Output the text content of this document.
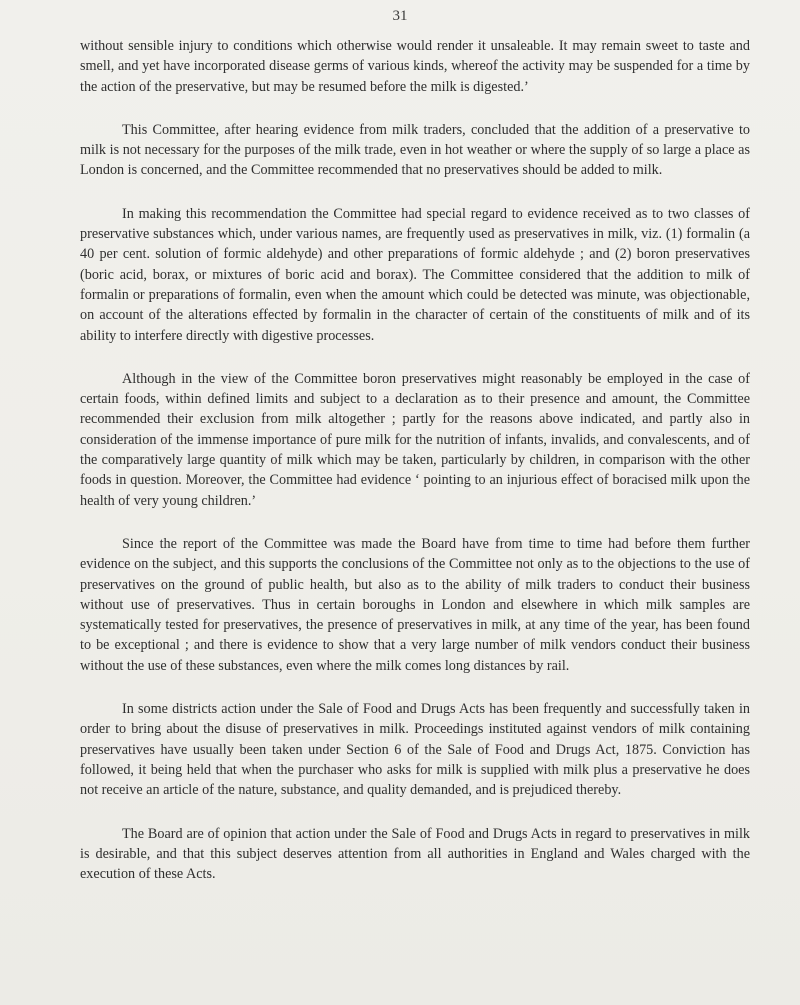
31

without sensible injury to conditions which otherwise would render it unsaleable. It may remain sweet to taste and smell, and yet have incorporated disease germs of various kinds, whereof the activity may be suspended for a time by the action of the preservative, but may be resumed before the milk is digested.’

This Committee, after hearing evidence from milk traders, concluded that the addition of a preservative to milk is not necessary for the purposes of the milk trade, even in hot weather or where the supply of so large a place as London is concerned, and the Committee recommended that no preservatives should be added to milk.

In making this recommendation the Committee had special regard to evidence received as to two classes of preservative substances which, under various names, are frequently used as preservatives in milk, viz. (1) formalin (a 40 per cent. solution of formic aldehyde) and other preparations of formic aldehyde ; and (2) boron preservatives (boric acid, borax, or mixtures of boric acid and borax). The Committee considered that the addition to milk of formalin or preparations of formalin, even when the amount which could be detected was minute, was objectionable, on account of the alterations effected by formalin in the character of certain of the constituents of milk and of its ability to interfere directly with digestive processes.

Although in the view of the Committee boron preservatives might reasonably be employed in the case of certain foods, within defined limits and subject to a declaration as to their presence and amount, the Committee recommended their exclusion from milk altogether ; partly for the reasons above indicated, and partly also in consideration of the immense importance of pure milk for the nutrition of infants, invalids, and convalescents, and of the comparatively large quantity of milk which may be taken, particularly by children, in comparison with the other foods in question. Moreover, the Committee had evidence ‘ pointing to an injurious effect of boracised milk upon the health of very young children.’

Since the report of the Committee was made the Board have from time to time had before them further evidence on the subject, and this supports the conclusions of the Committee not only as to the objections to the use of preservatives on the ground of public health, but also as to the ability of milk traders to conduct their business without use of preservatives. Thus in certain boroughs in London and elsewhere in which milk samples are systematically tested for preservatives, the presence of preservatives in milk, at any time of the year, has been found to be exceptional ; and there is evidence to show that a very large number of milk vendors conduct their business without the use of these substances, even where the milk comes long distances by rail.

In some districts action under the Sale of Food and Drugs Acts has been frequently and successfully taken in order to bring about the disuse of preservatives in milk. Proceedings instituted against vendors of milk containing preservatives have usually been taken under Section 6 of the Sale of Food and Drugs Act, 1875. Conviction has followed, it being held that when the purchaser who asks for milk is supplied with milk plus a preservative he does not receive an article of the nature, substance, and quality demanded, and is prejudiced thereby.

The Board are of opinion that action under the Sale of Food and Drugs Acts in regard to preservatives in milk is desirable, and that this subject deserves attention from all authorities in England and Wales charged with the execution of these Acts.
